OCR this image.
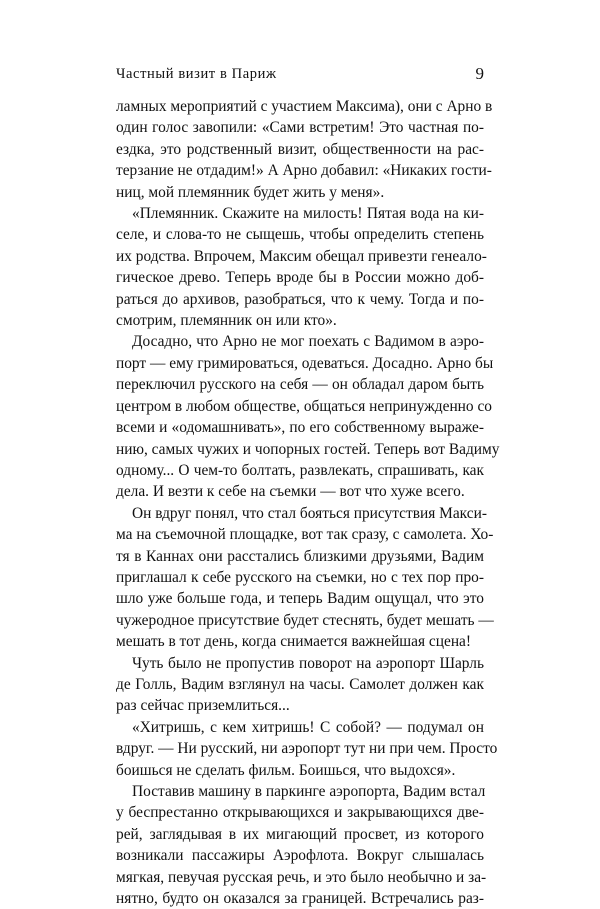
Частный визит в Париж	9

ламных мероприятий с участием Максима), они с Арно в
один голос завопили: «Сами встретим! Это частная по-
ездка, это родственный визит, общественности на рас-
терзание не отдадим!» А Арно добавил: «Никаких гости-
ниц, мой племянник будет жить у меня».

«Племянник. Скажите на милость! Пятая вода на ки-
селе, и слова-то не сыщешь, чтобы определить степень
их родства. Впрочем, Максим обещал привезти генеало-
гическое древо. Теперь вроде бы в России можно доб-
раться до архивов, разобраться, что к чему. Тогда и по-
смотрим, племянник он или кто».

Досадно, что Арно не мог поехать с Вадимом в аэро-
порт — ему гримироваться, одеваться. Досадно. Арно бы
переключил русского на себя — он обладал даром быть
центром в любом обществе, общаться непринужденно со
всеми и «одомашнивать», по его собственному выраже-
нию, самых чужих и чопорных гостей. Теперь вот Вадиму
одному... О чем-то болтать, развлекать, спрашивать, как
дела. И везти к себе на съемки — вот что хуже всего.

Он вдруг понял, что стал бояться присутствия Макси-
ма на съемочной площадке, вот так сразу, с самолета. Хо-
тя в Каннах они расстались близкими друзьями, Вадим
приглашал к себе русского на съемки, но с тех пор про-
шло уже больше года, и теперь Вадим ощущал, что это
чужеродное присутствие будет стеснять, будет мешать —
мешать в тот день, когда снимается важнейшая сцена!

Чуть было не пропустив поворот на аэропорт Шарль
де Голль, Вадим взглянул на часы. Самолет должен как
раз сейчас приземлиться...

«Хитришь, с кем хитришь! С собой? — подумал он
вдруг. — Ни русский, ни аэропорт тут ни при чем. Просто
боишься не сделать фильм. Боишься, что выдохся».

Поставив машину в паркинге аэропорта, Вадим встал
у беспрестанно открывающихся и закрывающихся две-
рей, заглядывая в их мигающий просвет, из которого
возникали пассажиры Аэрофлота. Вокруг слышалась
мягкая, певучая русская речь, и это было необычно и за-
нятно, будто он оказался за границей. Встречались раз-
